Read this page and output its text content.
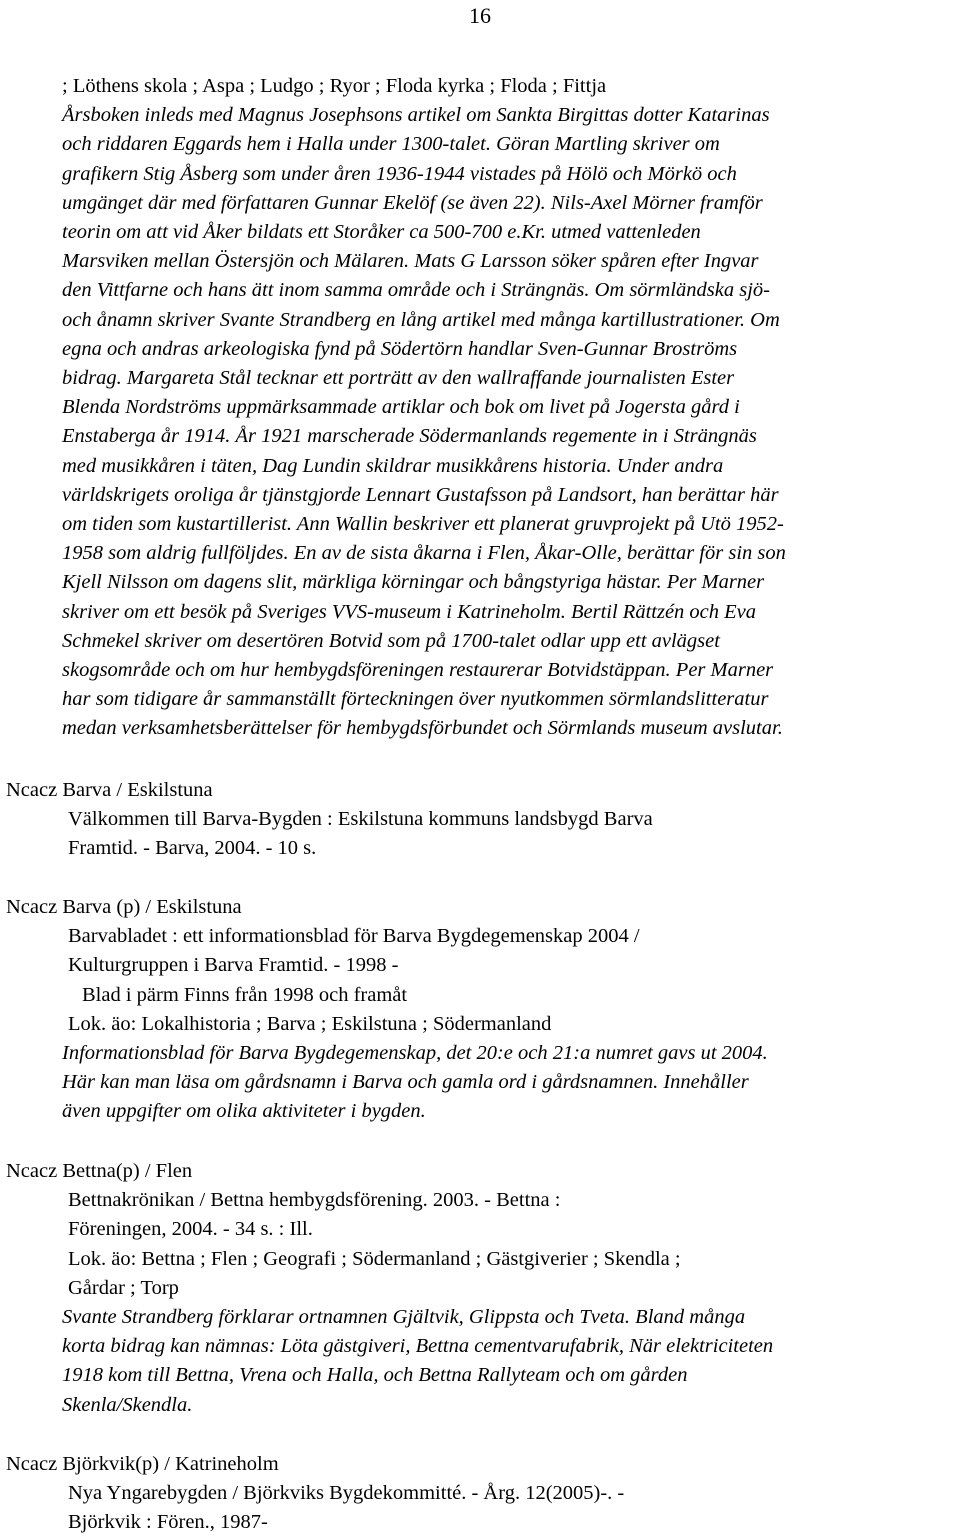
16
; Löthens skola ; Aspa ; Ludgo ; Ryor ; Floda kyrka ; Floda ; Fittja
Årsboken inleds med Magnus Josephsons artikel om Sankta Birgittas dotter Katarinas
och riddaren Eggards hem i Halla under 1300-talet. Göran Martling skriver om
grafikern Stig Åsberg som under åren 1936-1944 vistades på Hölö och Mörkö och
umgänget där med författaren Gunnar Ekelöf (se även 22). Nils-Axel Mörner framför
teorin om att vid Åker bildats ett Storåker ca 500-700 e.Kr. utmed vattenleden
Marsviken mellan Östersjön och Mälaren. Mats G Larsson söker spåren efter Ingvar
den Vittfarne och hans ätt inom samma område och i Strängnäs. Om sörmländska sjö-
och ånamn skriver Svante Strandberg en lång artikel med många kartillustrationer. Om
egna och andras arkeologiska fynd på Södertörn handlar Sven-Gunnar Broströms
bidrag. Margareta Stål tecknar ett porträtt av den wallraffande journalisten Ester
Blenda Nordströms uppmärksammade artiklar och bok om livet på Jogersta gård i
Enstaberga år 1914. År 1921 marscherade Södermanlands regemente in i Strängnäs
med musikkåren i täten, Dag Lundin skildrar musikkårens historia. Under andra
världskrigets oroliga år tjänstgjorde Lennart Gustafsson på Landsort, han berättar här
om tiden som kustartillerist. Ann Wallin beskriver ett planerat gruvprojekt på Utö 1952-
1958 som aldrig fullföljdes. En av de sista åkarna i Flen, Åkar-Olle, berättar för sin son
Kjell Nilsson om dagens slit, märkliga körningar och bångstyriga hästar. Per Marner
skriver om ett besök på Sveriges VVS-museum i Katrineholm. Bertil Rättzén och Eva
Schmekel skriver om desertören Botvid som på 1700-talet odlar upp ett avlägset
skogsområde och om hur hembygdsföreningen restaurerar Botvidstäppan. Per Marner
har som tidigare år sammanställt förteckningen över nyutkommen sörmlandslitteratur
medan verksamhetsberättelser för hembygdsförbundet och Sörmlands museum avslutar.
Ncacz Barva / Eskilstuna
Välkommen till Barva-Bygden : Eskilstuna kommuns landsbygd Barva
Framtid. - Barva, 2004. - 10 s.
Ncacz Barva (p) / Eskilstuna
Barvabladet : ett informationsblad för Barva Bygdegemenskap 2004 /
Kulturgruppen i Barva Framtid. - 1998 -
Blad i pärm Finns från 1998 och framåt
Lok. äo: Lokalhistoria ; Barva ; Eskilstuna ; Södermanland
Informationsblad för Barva Bygdegemenskap, det 20:e och 21:a numret gavs ut 2004.
Här kan man läsa om gårdsnamn i Barva och gamla ord i gårdsnamnen. Innehåller
även uppgifter om olika aktiviteter i bygden.
Ncacz Bettna(p) / Flen
Bettnakrönikan / Bettna hembygdsförening. 2003. - Bettna :
Föreningen, 2004. - 34 s. : Ill.
Lok. äo: Bettna ; Flen ; Geografi ; Södermanland ; Gästgiverier ; Skendla ;
Gårdar ; Torp
Svante Strandberg förklarar ortnamnen Gjältvik, Glippsta och Tveta. Bland många
korta bidrag kan nämnas: Löta gästgiveri, Bettna cementvarufabrik, När elektriciteten
1918 kom till Bettna, Vrena och Halla, och Bettna Rallyteam och om gården
Skenla/Skendla.
Ncacz Björkvik(p) / Katrineholm
Nya Yngarebygden / Björkviks Bygdekommitté. - Årg. 12(2005)-. -
Björkvik : Fören., 1987-
